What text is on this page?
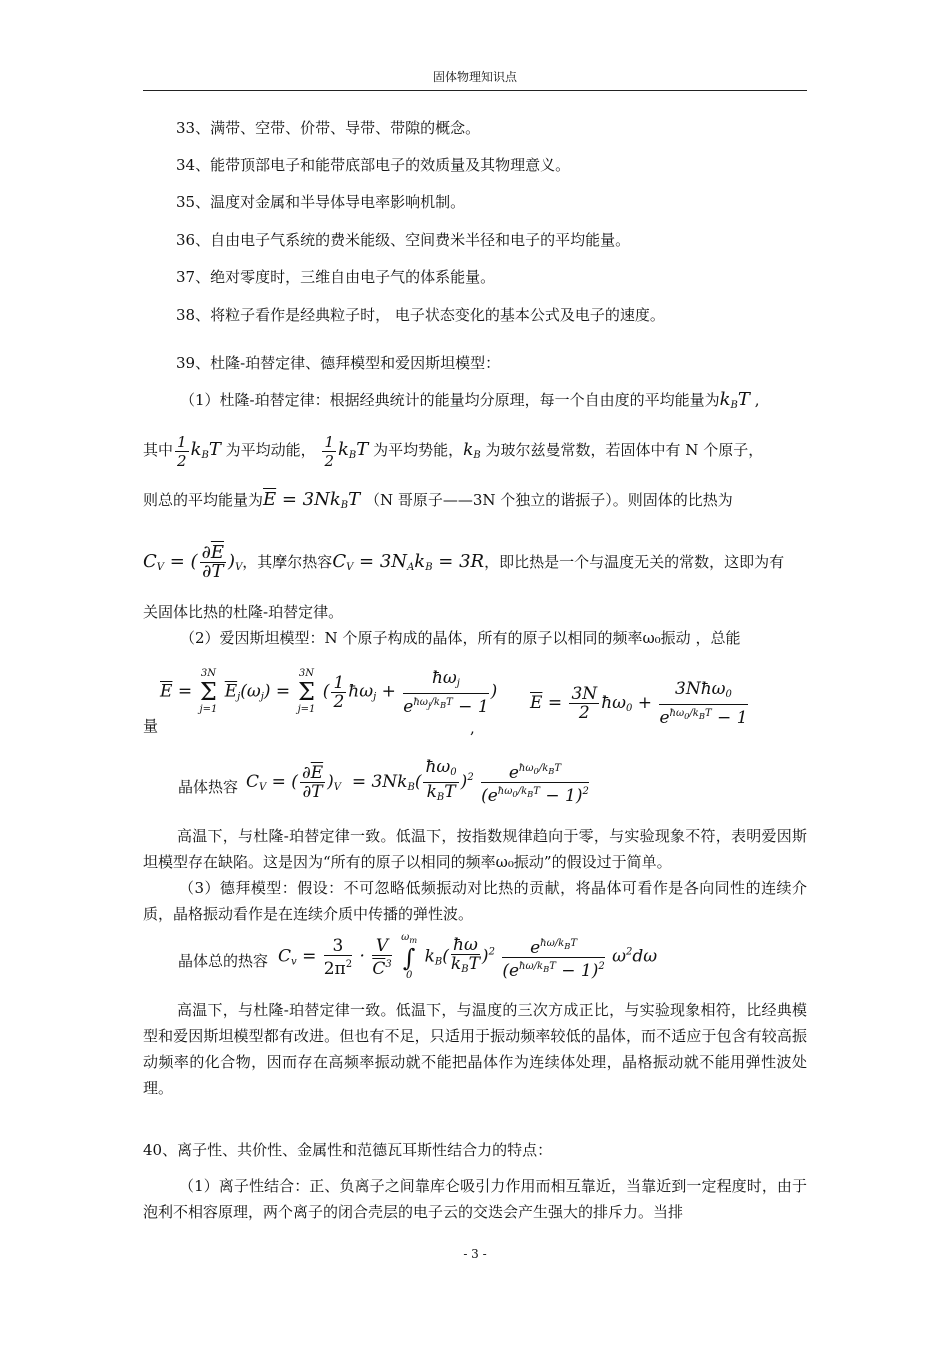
固体物理知识点
33、满带、空带、价带、导带、带隙的概念。
34、能带顶部电子和能带底部电子的效质量及其物理意义。
35、温度对金属和半导体导电率影响机制。
36、自由电子气系统的费米能级、空间费米半径和电子的平均能量。
37、绝对零度时，三维自由电子气的体系能量。
38、将粒子看作是经典粒子时， 电子状态变化的基本公式及电子的速度。
39、杜隆-珀替定律、德拜模型和爱因斯坦模型：
（1）杜隆-珀替定律：根据经典统计的能量均分原理，每一个自由度的平均能量为$k_BT$ ,
其中 $\frac{1}{2} k_BT$ 为平均动能， $\frac{1}{2} k_BT$ 为平均势能，$k_B$ 为玻尔兹曼常数，若固体中有 N 个原子，
则总的平均能量为$\overline{E} = 3Nk_BT$ （N 哥原子——3N 个独立的谐振子）。则固体的比热为
$C_V$ = ( $\frac{\partial\overline{E}}{\partial T} )_V$，其摩尔热容$C_V = 3N_Ak_B = 3R$，即比热是一个与温度无关的常数，这即为有
关固体比热的杜隆-珀替定律。
（2）爱因斯坦模型：N 个原子构成的晶体，所有的原子以相同的频率ω₀振动 ，总能
量
$\overline{E}$ =
3N
Σ
j=1
$\overline{E}_j(\omega_j)$ =
3N
Σ
j=1
( $\frac{1}{2}$ $ħ\omega_j + \frac{ħ\omega_j}{e^{ħ\omega_j/k_BT} - 1}$ )
,
$\overline{E} = \frac{3N}{2}$ $ħ\omega_0 + \frac{3Nħ\omega_0}{e^{ħ\omega_0/k_BT} - 1}$
晶体热容 $C_V$ = ( $\frac{\partial\overline{E}}{\partial T} )_V = 3Nk_B( \frac{ħ\omega_0}{k_BT} )^2 \frac{e^{ħ\omega_0/k_BT}}{(e^{ħ\omega_0/k_BT} - 1)^2}$
高温下，与杜隆-珀替定律一致。低温下，按指数规律趋向于零，与实验现象不符，表明爱因斯坦模型存在缺陷。这是因为“所有的原子以相同的频率ω₀振动”的假设过于简单。
（3）德拜模型：假设：不可忽略低频振动对比热的贡献，将晶体可看作是各向同性的连续介质，晶格振动看作是在连续介质中传播的弹性波。
晶体总的热容 $C_v = \frac{3}{2\pi^2} \cdot \frac{V}{\overline{C}^3}$
$\omega_m$
∫
0
$k_B( \frac{ħ\omega}{k_BT} )^2 \frac{e^{ħ\omega/k_BT}}{(e^{ħ\omega/k_BT} - 1)^2} \omega^2d\omega$
高温下，与杜隆-珀替定律一致。低温下，与温度的三次方成正比，与实验现象相符，比经典模型和爱因斯坦模型都有改进。但也有不足，只适用于振动频率较低的晶体，而不适应于包含有较高振动频率的化合物，因而存在高频率振动就不能把晶体作为连续体处理，晶格振动就不能用弹性波处理。
40、离子性、共价性、金属性和范德瓦耳斯性结合力的特点：
（1）离子性结合：正、负离子之间靠库仑吸引力作用而相互靠近，当靠近到一定程度时，由于泡利不相容原理，两个离子的闭合壳层的电子云的交迭会产生强大的排斥力。当排
- 3 -
